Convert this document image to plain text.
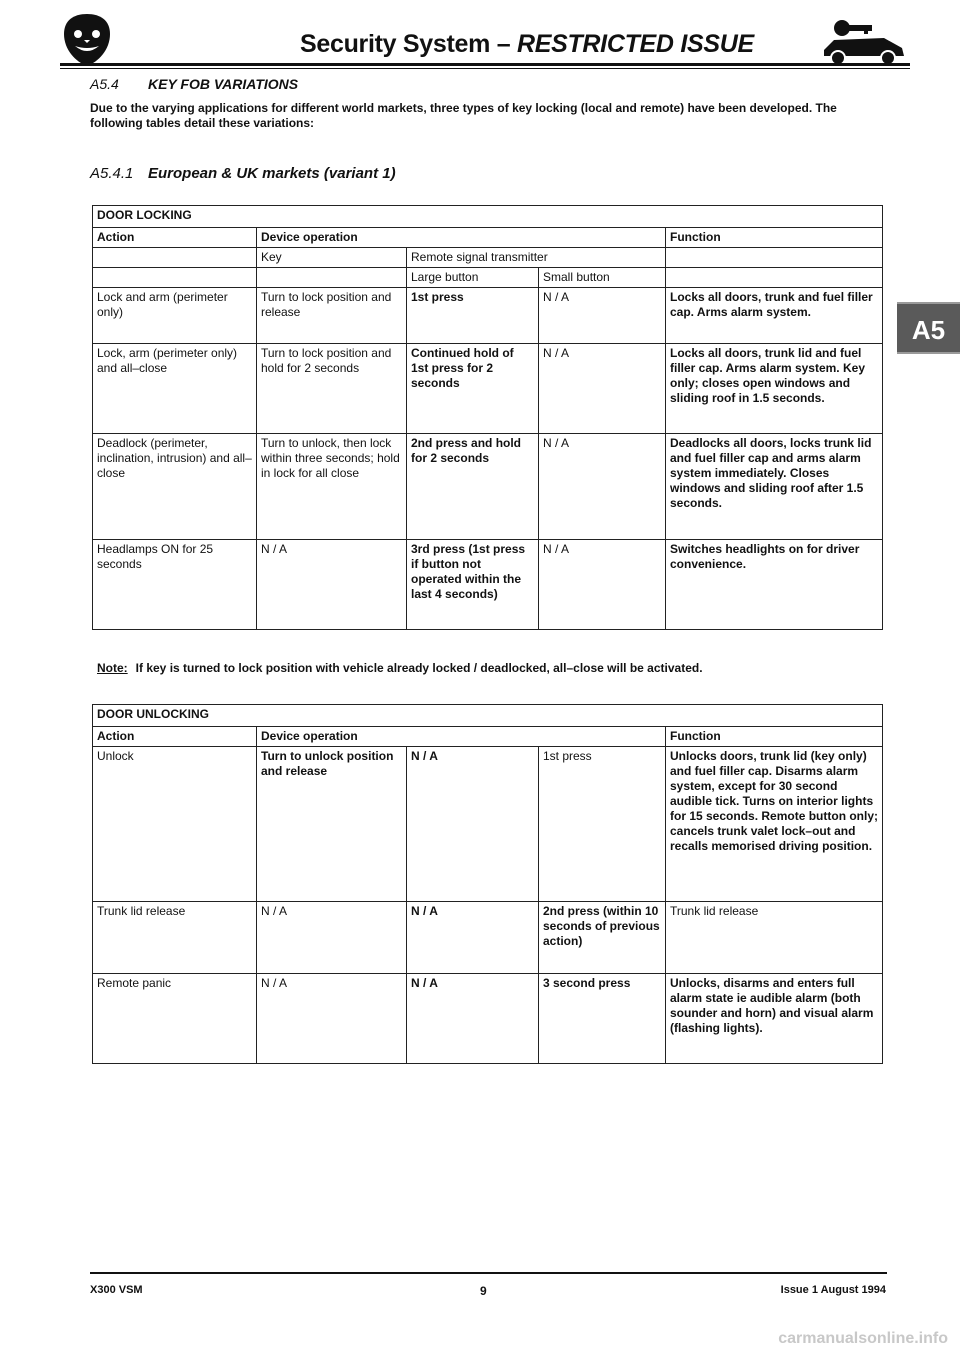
Security System – RESTRICTED ISSUE
A5.4 KEY FOB VARIATIONS
Due to the varying applications for different world markets, three types of key locking (local and remote) have been developed. The following tables detail these variations:
A5.4.1 European & UK markets (variant 1)
A5
DOOR LOCKING				
Action	Device operation			Function
	Key	Remote signal transmitter		
		Large button	Small button	
Lock and arm (perimeter only)	Turn to lock position and release	1st press	N / A	Locks all doors, trunk and fuel filler cap. Arms alarm system.
Lock, arm (perimeter only) and all–close	Turn to lock position and hold for 2 seconds	Continued hold of 1st press for 2 seconds	N / A	Locks all doors, trunk lid and fuel filler cap. Arms alarm system. Key only; closes open windows and sliding roof in 1.5 seconds.
Deadlock (perimeter, inclination, intrusion) and all–close	Turn to unlock, then lock within three seconds; hold in lock for all close	2nd press and hold for 2 seconds	N / A	Deadlocks all doors, locks trunk lid and fuel filler cap and arms alarm system immediately. Closes windows and sliding roof after 1.5 seconds.
Headlamps ON for 25 seconds	N / A	3rd press (1st press if button not operated within the last 4 seconds)	N / A	Switches headlights on for driver convenience.
Note: If key is turned to lock position with vehicle already locked / deadlocked, all–close will be activated.
DOOR UNLOCKING				
Action	Device operation			Function
Unlock	Turn to unlock position and release	N / A	1st press	Unlocks doors, trunk lid (key only) and fuel filler cap. Disarms alarm system, except for 30 second audible tick. Turns on interior lights for 15 seconds. Remote button only; cancels trunk valet lock–out and recalls memorised driving position.
Trunk lid release	N / A	N / A	2nd press (within 10 seconds of previous action)	Trunk lid release
Remote panic	N / A	N / A	3 second press	Unlocks, disarms and enters full alarm state ie audible alarm (both sounder and horn) and visual alarm (flashing lights).
X300 VSM	9	Issue 1 August 1994
carmanualsonline.info
